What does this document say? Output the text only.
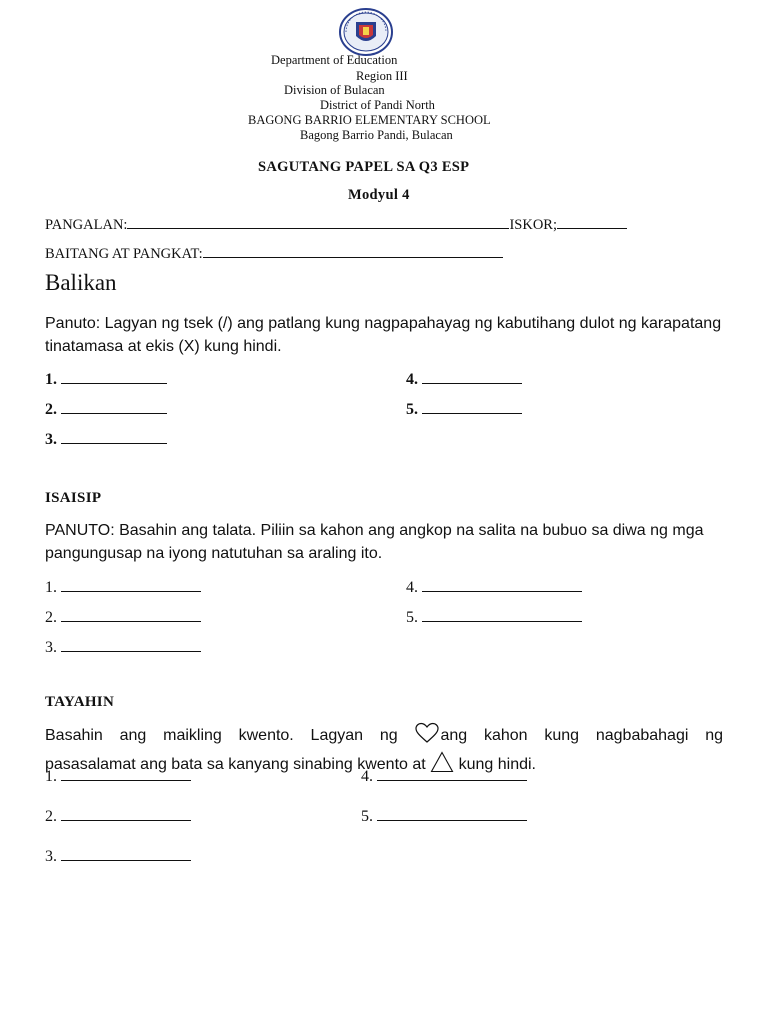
Department of Education
Region III
Division of Bulacan
District of Pandi North
BAGONG BARRIO ELEMENTARY SCHOOL
Bagong Barrio Pandi, Bulacan
SAGUTANG PAPEL SA Q3 ESP
Modyul 4
PANGALAN:	ISKOR;
BAITANG AT PANGKAT:
Balikan
Panuto: Lagyan ng tsek (/) ang patlang kung nagpapahayag ng kabutihang dulot ng karapatang tinatamasa at ekis (X) kung hindi.
1.
2.
3.
4.
5.
ISAISIP
PANUTO: Basahin ang talata. Piliin sa kahon ang angkop na salita na bubuo sa diwa ng mga pangungusap na iyong natutuhan sa araling ito.
1.
2.
3.
4.
5.
TAYAHIN
Basahin ang maikling kwento. Lagyan ng	ang kahon kung nagbabahagi ng
pasasalamat ang bata sa kanyang sinabing kwento at kung hindi.
1.
2.
3.
4.
5.
